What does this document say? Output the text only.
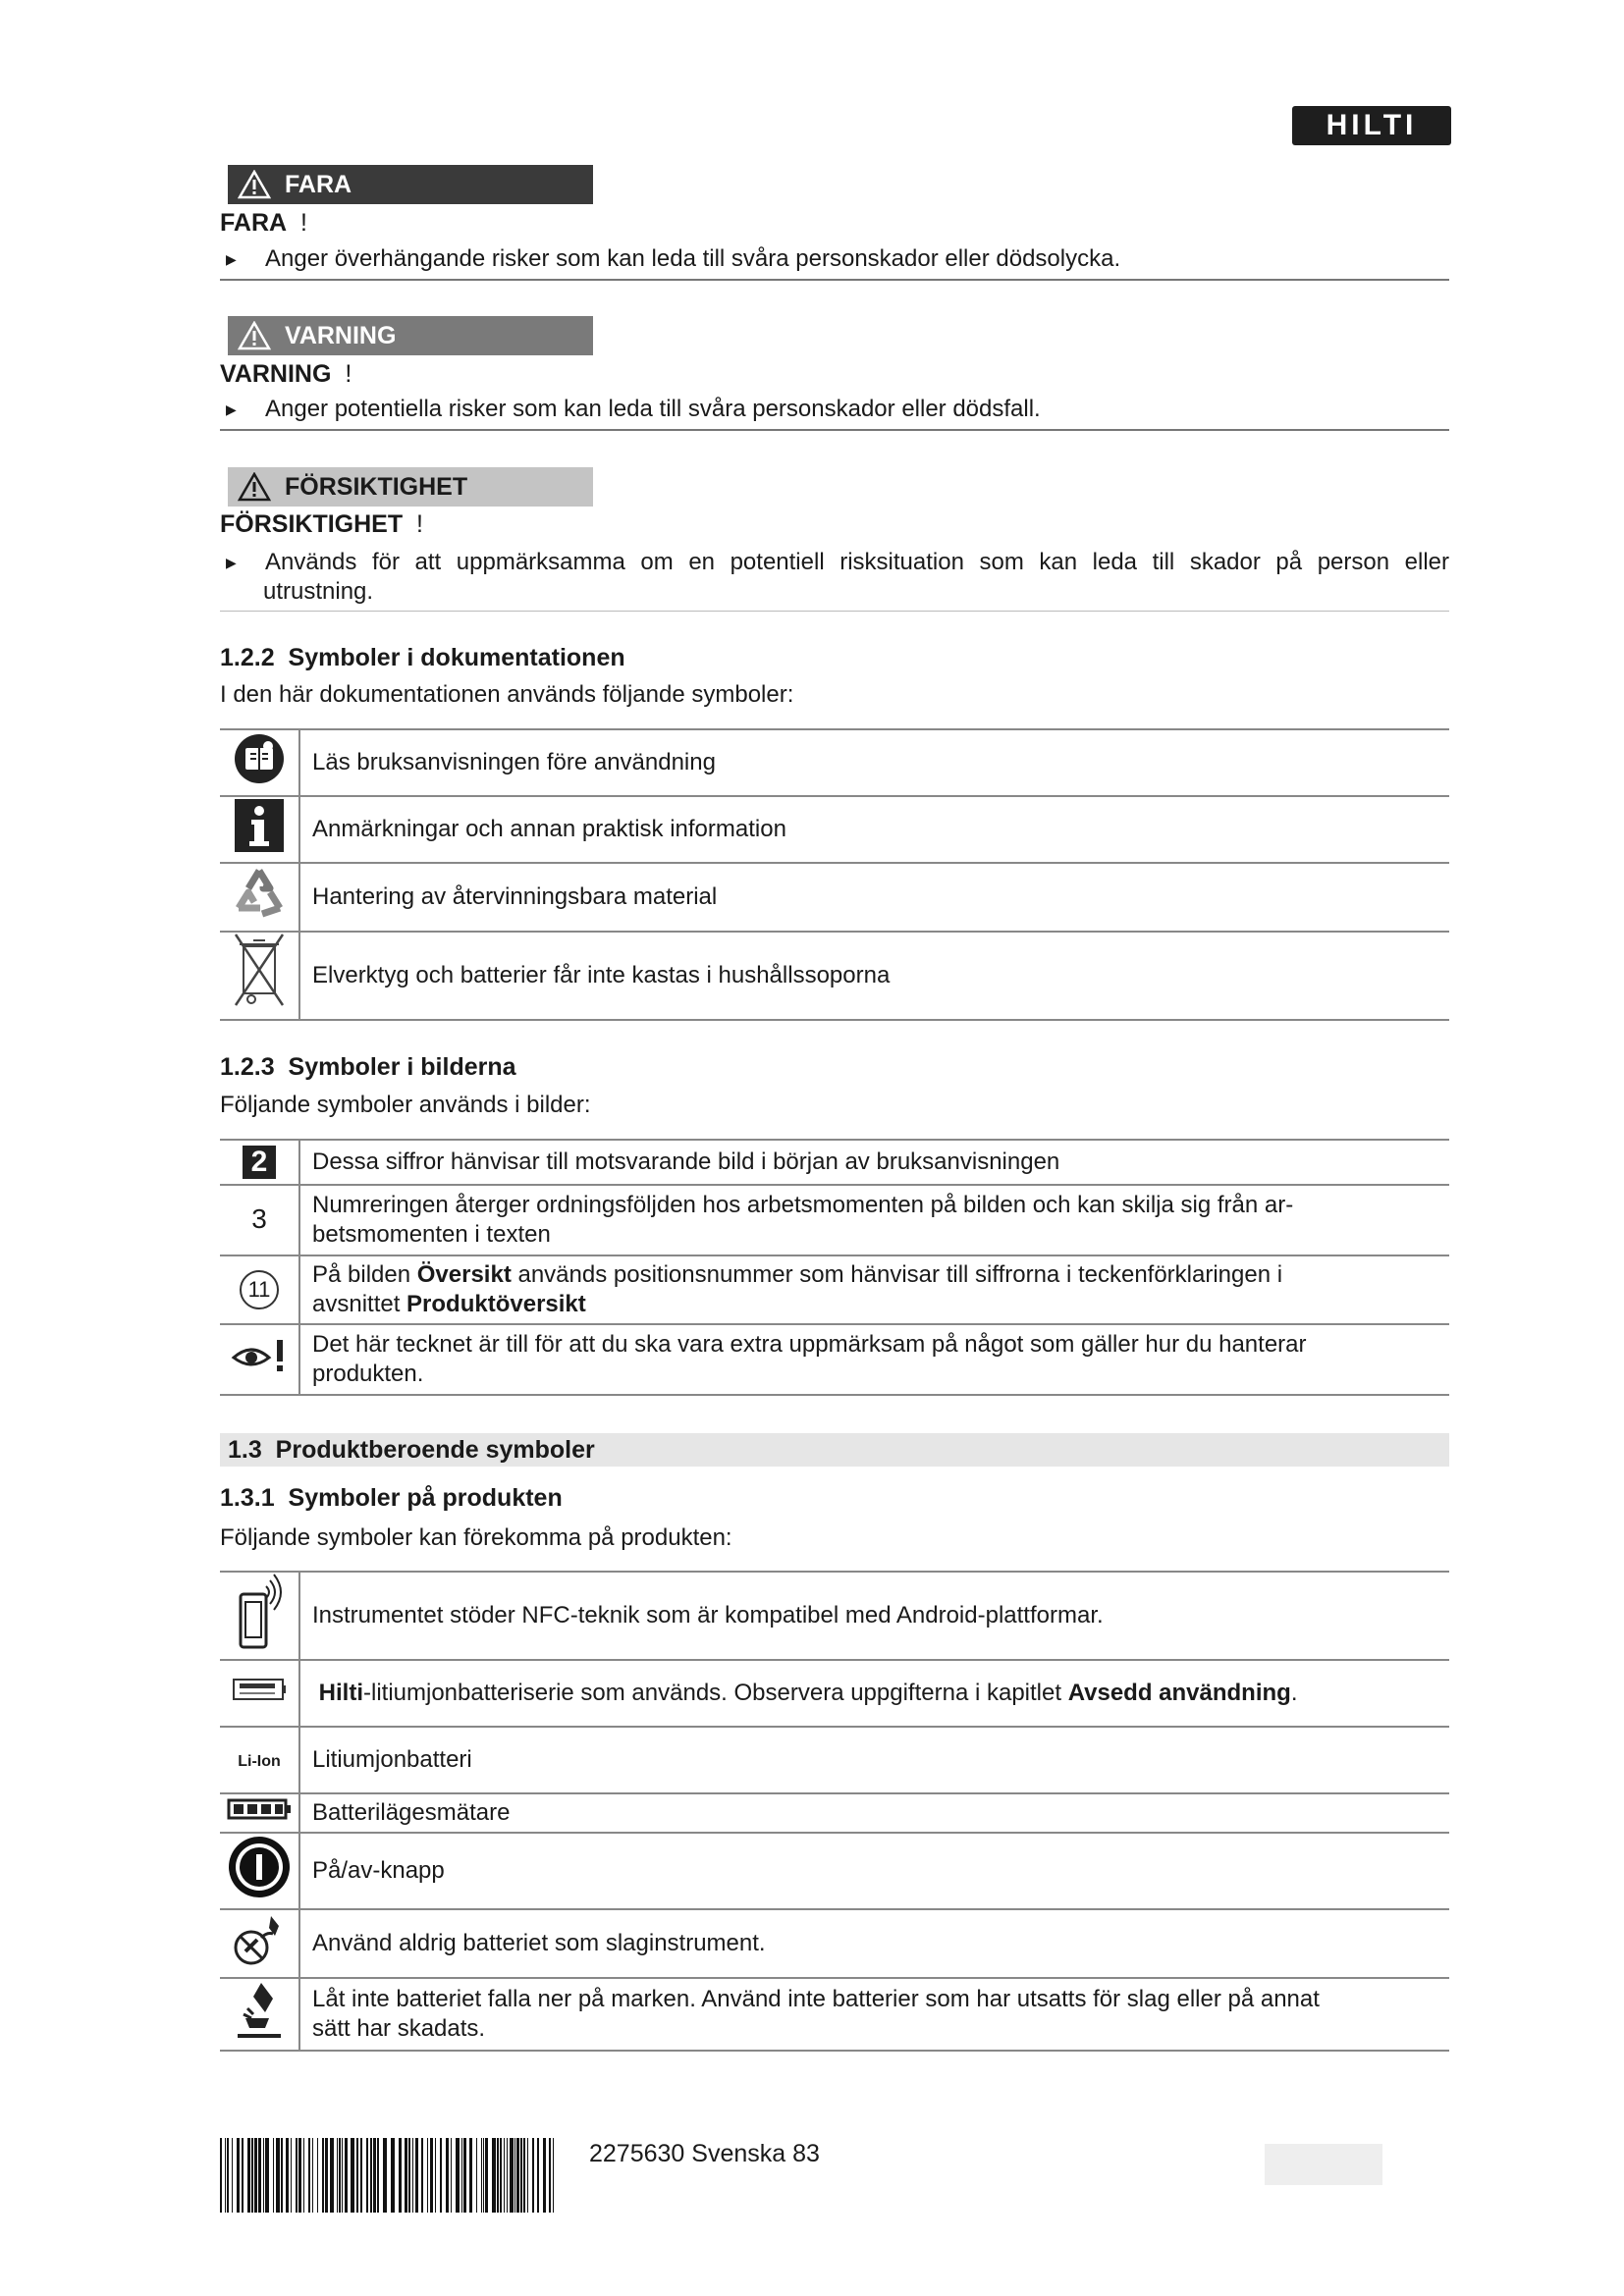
HILTI
FARA
FARA !
▶	Anger överhängande risker som kan leda till svåra personskador eller dödsolycka.
VARNING
VARNING !
▶	Anger potentiella risker som kan leda till svåra personskador eller dödsfall.
FÖRSIKTIGHET
FÖRSIKTIGHET !
▶	Används för att uppmärksamma om en potentiell risksituation som kan leda till skador på person eller
utrustning.
1.2.2 Symboler i dokumentationen
I den här dokumentationen används följande symboler:
	Läs bruksanvisningen före användning
	Anmärkningar och annan praktisk information
	Hantering av återvinningsbara material
	Elverktyg och batterier får inte kastas i hushållssoporna
1.2.3 Symboler i bilderna
Följande symboler används i bilder:
2	Dessa siffror hänvisar till motsvarande bild i början av bruksanvisningen
3	Numreringen återger ordningsföljden hos arbetsmomenten på bilden och kan skilja sig från ar-
betsmomenten i texten

11	På bilden Översikt används positionsnummer som hänvisar till siffrorna i teckenförklaringen i
avsnittet Produktöversikt

Det här tecknet är till för att du ska vara extra uppmärksam på något som gäller hur du hanterar
produkten.
1.3
Produktberoende symboler
1.3.1 Symboler på produkten
Följande symboler kan förekomma på produkten:
	Instrumentet stöder NFC-teknik som är kompatibel med Android-plattformar.
	Hilti-litiumjonbatteriserie som används. Observera uppgifterna i kapitlet Avsedd användning.
Li-Ion	Litiumjonbatteri
	Batterilägesmätare
	På/av-knapp
	Använd aldrig batteriet som slaginstrument.

Låt inte batteriet falla ner på marken. Använd inte batterier som har utsatts för slag eller på annat
sätt har skadats.
2275630 Svenska 83
